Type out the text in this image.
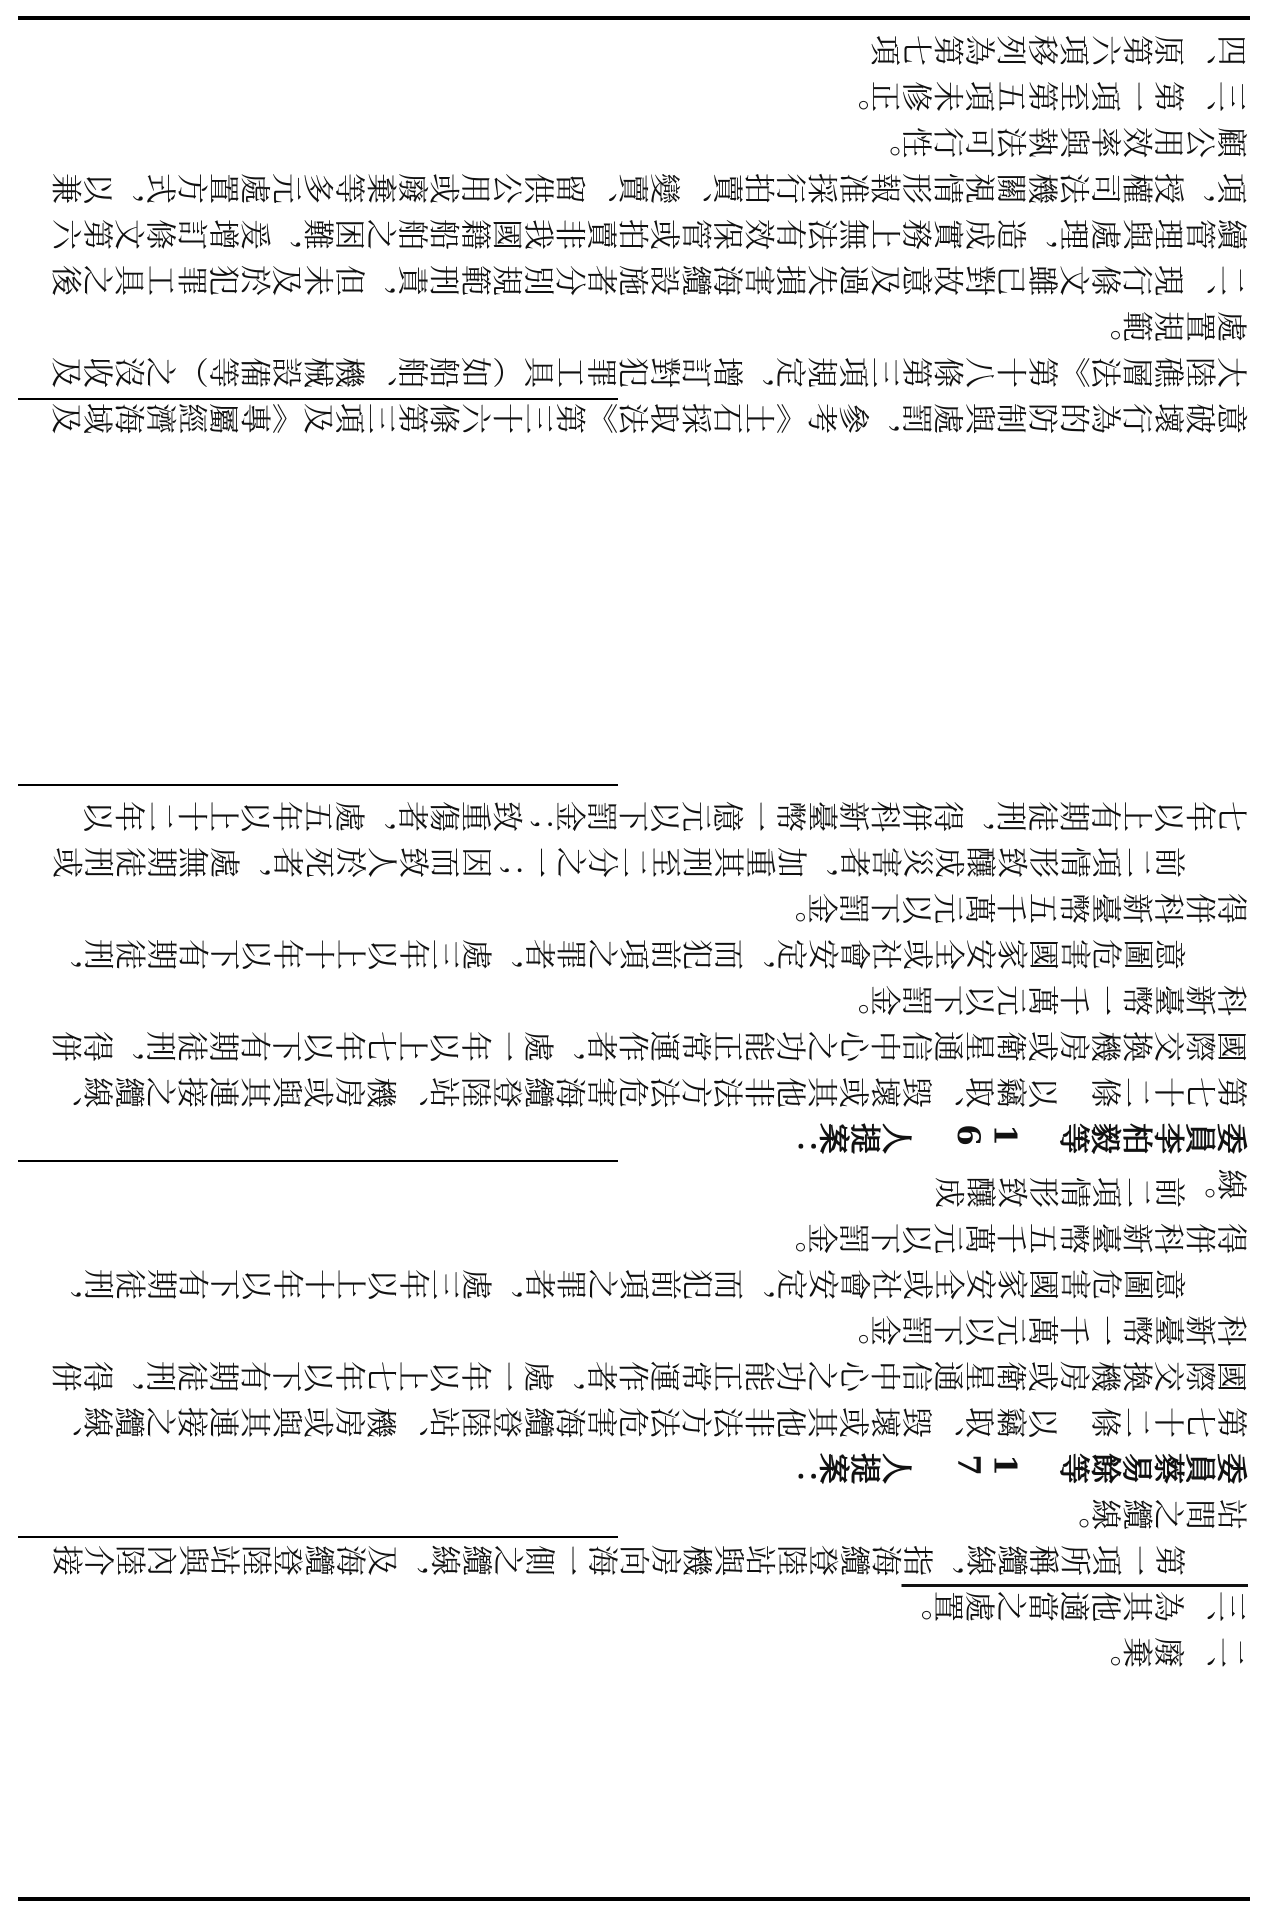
意破壞行為的防制與處罰，參考《土石採取法》第三十六條第三項及《專屬經濟海域及大陸礁層法》第十八條第三項規定，增訂對犯罪工具（如船舶、機械設備等）之沒收及處置規範。

二、現行條文雖已對故意及過失損害海纜設施者分別規範刑責，但未及於犯罪工具之後續管理與處理，造成實務上無法有效保管或拍賣非我國籍船舶之困難，爰增訂條文第六項，授權司法機關視情形報准採行拍賣、變賣、留供公用或廢棄等多元處置方式，以兼顧公用效率與執法可行性。

三、第一項至第五項未修正。

四、原第六項移列為第七項

線。

委員李柏毅等 16 人提案：

第七十二條　以竊取、毀壞或其他非法方法危害海纜登陸站、機房或與其連接之纜線、國際交換機房或衛星通信中心之功能正常運作者，處一年以上七年以下有期徒刑，得併科新臺幣一千萬元以下罰金。

意圖危害國家安全或社會安定，而犯前項之罪者，處三年以上十年以下有期徒刑，得併科新臺幣五千萬元以下罰金。

前二項情形致釀成災害者，加重其刑至二分之一；因而致人於死者，處無期徒刑或七年以上有期徒刑，得併科新臺幣一億元以下罰金；致重傷者，處五年以上十二年以

二、廢棄。

三、為其他適當之處置。

第一項所稱纜線，指海纜登陸站與機房向海一側之纜線，及海纜登陸站與內陸介接站間之纜線。

委員蔡易餘等 17 人提案：

第七十二條　以竊取、毀壞或其他非法方法危害海纜登陸站、機房或與其連接之纜線、國際交換機房或衛星通信中心之功能正常運作者，處一年以上七年以下有期徒刑，得併科新臺幣一千萬元以下罰金。

意圖危害國家安全或社會安定，而犯前項之罪者，處三年以上十年以下有期徒刑，得併科新臺幣五千萬元以下罰金。

前二項情形致釀成
